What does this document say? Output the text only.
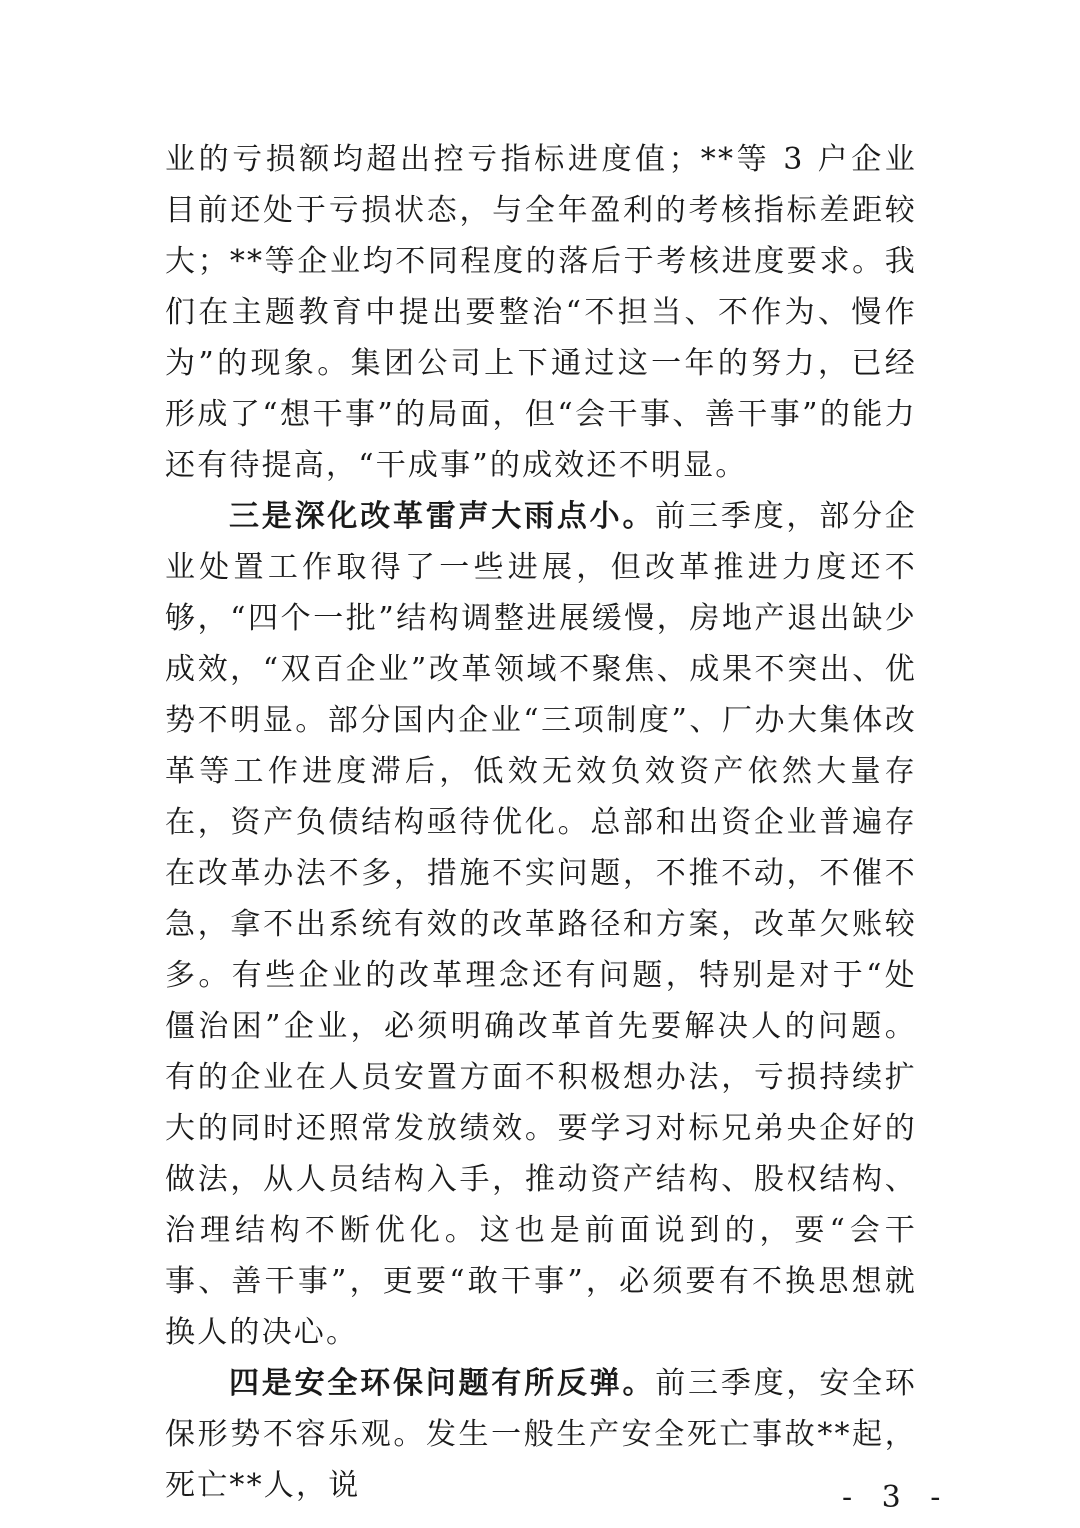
业的亏损额均超出控亏指标进度值；**等 3 户企业目前还处于亏损状态，与全年盈利的考核指标差距较大；**等企业均不同程度的落后于考核进度要求。我们在主题教育中提出要整治“不担当、不作为、慢作为”的现象。集团公司上下通过这一年的努力，已经形成了“想干事”的局面，但“会干事、善干事”的能力还有待提高，“干成事”的成效还不明显。

三是深化改革雷声大雨点小。前三季度，部分企业处置工作取得了一些进展，但改革推进力度还不够，“四个一批”结构调整进展缓慢，房地产退出缺少成效，“双百企业”改革领域不聚焦、成果不突出、优势不明显。部分国内企业“三项制度”、厂办大集体改革等工作进度滞后，低效无效负效资产依然大量存在，资产负债结构亟待优化。总部和出资企业普遍存在改革办法不多，措施不实问题，不推不动，不催不急，拿不出系统有效的改革路径和方案，改革欠账较多。有些企业的改革理念还有问题，特别是对于“处僵治困”企业，必须明确改革首先要解决人的问题。有的企业在人员安置方面不积极想办法，亏损持续扩大的同时还照常发放绩效。要学习对标兄弟央企好的做法，从人员结构入手，推动资产结构、股权结构、治理结构不断优化。这也是前面说到的，要“会干事、善干事”，更要“敢干事”，必须要有不换思想就换人的决心。

四是安全环保问题有所反弹。前三季度，安全环保形势不容乐观。发生一般生产安全死亡事故**起，死亡**人，说	- 3 -
